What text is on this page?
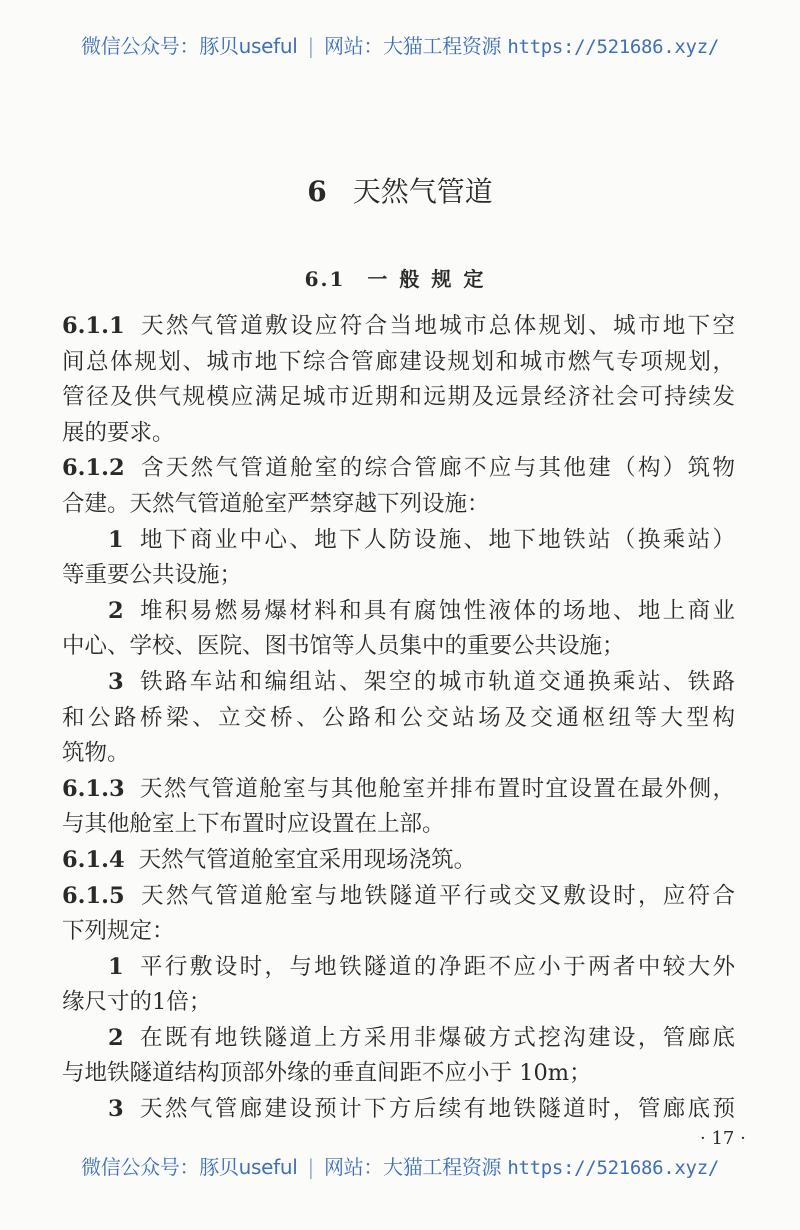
微信公众号：豚贝useful | 网站：大猫工程资源 https://521686.xyz/
6 天然气管道
6.1 一般规定
6.1.1 天然气管道敷设应符合当地城市总体规划、城市地下空
间总体规划、城市地下综合管廊建设规划和城市燃气专项规划，
管径及供气规模应满足城市近期和远期及远景经济社会可持续发
展的要求。
6.1.2 含天然气管道舱室的综合管廊不应与其他建（构）筑物
合建。天然气管道舱室严禁穿越下列设施：
1 地下商业中心、地下人防设施、地下地铁站（换乘站）
等重要公共设施；
2 堆积易燃易爆材料和具有腐蚀性液体的场地、地上商业
中心、学校、医院、图书馆等人员集中的重要公共设施；
3 铁路车站和编组站、架空的城市轨道交通换乘站、铁路
和公路桥梁、立交桥、公路和公交站场及交通枢纽等大型构
筑物。
6.1.3 天然气管道舱室与其他舱室并排布置时宜设置在最外侧，
与其他舱室上下布置时应设置在上部。
6.1.4 天然气管道舱室宜采用现场浇筑。
6.1.5 天然气管道舱室与地铁隧道平行或交叉敷设时，应符合
下列规定：
1 平行敷设时，与地铁隧道的净距不应小于两者中较大外
缘尺寸的1倍；
2 在既有地铁隧道上方采用非爆破方式挖沟建设，管廊底
与地铁隧道结构顶部外缘的垂直间距不应小于 10m；
3 天然气管廊建设预计下方后续有地铁隧道时，管廊底预
· 17 ·
微信公众号：豚贝useful | 网站：大猫工程资源 https://521686.xyz/
